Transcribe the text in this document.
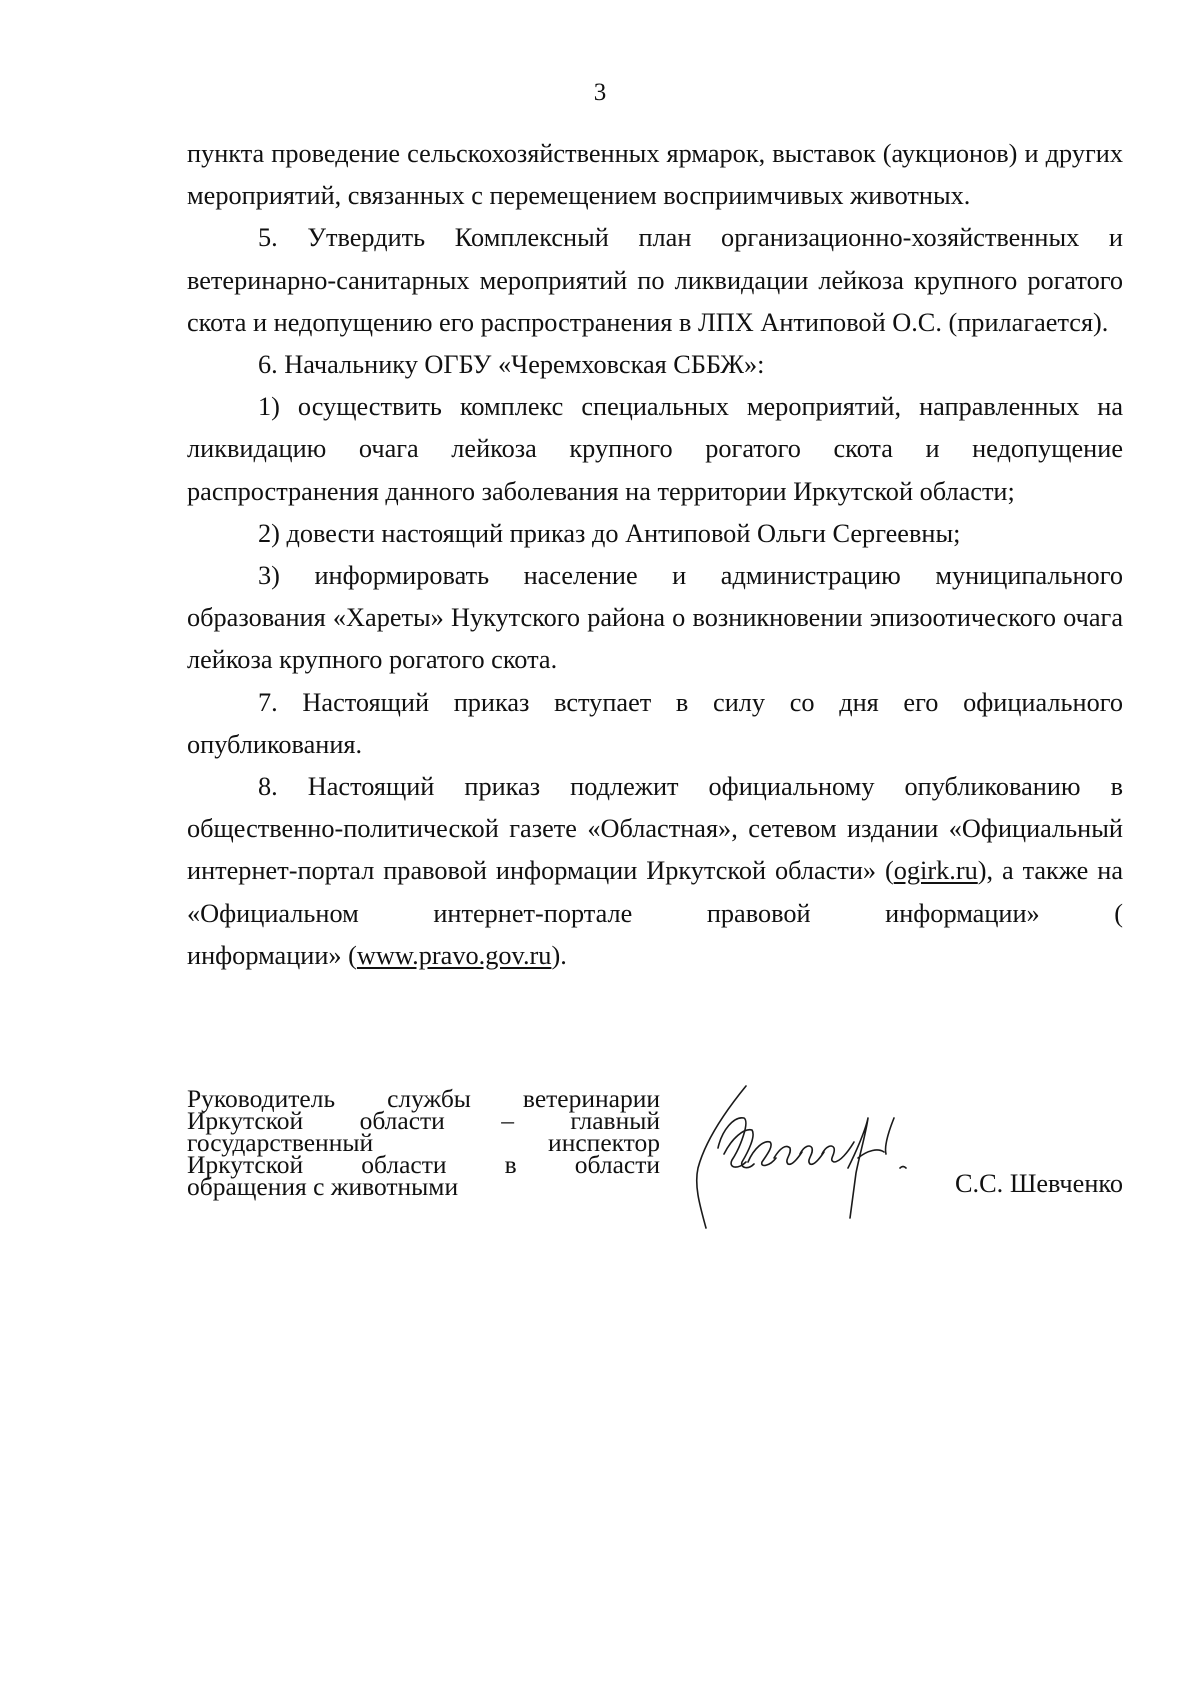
3

пункта проведение сельскохозяйственных ярмарок, выставок (аукционов) и других мероприятий, связанных с перемещением восприимчивых животных.

5. Утвердить Комплексный план организационно-хозяйственных и ветеринарно-санитарных мероприятий по ликвидации лейкоза крупного рогатого скота и недопущению его распространения в ЛПХ Антиповой О.С. (прилагается).

6. Начальнику ОГБУ «Черемховская СББЖ»:

1) осуществить комплекс специальных мероприятий, направленных на ликвидацию очага лейкоза крупного рогатого скота и недопущение распространения данного заболевания на территории Иркутской области;

2) довести настоящий приказ до Антиповой Ольги Сергеевны;

3) информировать население и администрацию муниципального образования «Хареты» Нукутского района о возникновении эпизоотического очага лейкоза крупного рогатого скота.

7. Настоящий приказ вступает в силу со дня его официального опубликования.

8. Настоящий приказ подлежит официальному опубликованию в общественно-политической газете «Областная», сетевом издании «Официальный интернет-портал правовой информации Иркутской области» (ogirk.ru), а также на «Официальном интернет-портале правовой информации» (

информации» (www.pravo.gov.ru).

Руководитель службы ветеринарии
Иркутской области – главный
государственный инспектор
Иркутской области в области
обращения с животными	С.С. Шевченко
